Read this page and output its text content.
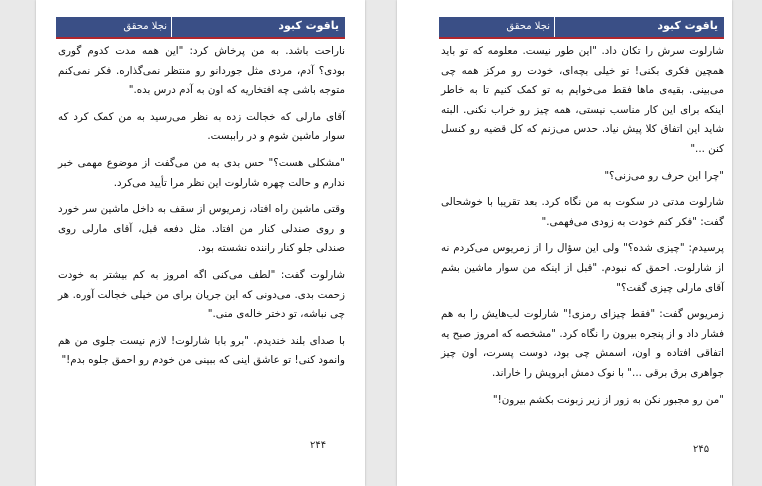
یاقوت کبود
نجلا محقق

ناراحت باشد. به من پرخاش کرد: "این همه مدت کدوم گوری بودی؟ آدم، مردی مثل جوردانو رو منتظر نمی‌گذاره. فکر نمی‌کنم متوجه باشی چه افتخاریه که اون به آدم درس بده."

آقای مارلی که خجالت زده به نظر می‌رسید به من کمک کرد که سوار ماشین شوم و در راببست.

"مشکلی هست؟" حس بدی به من می‌گفت از موضوع مهمی خبر ندارم و حالت چهره شارلوت این نظر مرا تأیید می‌کرد.

وقتی ماشین راه افتاد، زمریوس از سقف به داخل ماشین سر خورد و روی صندلی کنار من افتاد. مثل دفعه قبل، آقای مارلی روی صندلی جلو کنار راننده نشسته بود.

شارلوت گفت: "لطف می‌کنی اگه امروز به کم بیشتر به خودت زحمت بدی. می‌دونی که این جریان برای من خیلی خجالت آوره. هر چی نباشه، تو دختر خاله‌ی منی."

با صدای بلند خندیدم. "برو بابا شارلوت! لازم نیست جلوی من هم وانمود کنی! تو عاشق اینی که ببینی من خودم رو احمق جلوه بدم!"

۲۴۴
یاقوت کبود
نجلا محقق

شارلوت سرش را تکان داد. "این طور نیست. معلومه که تو باید همچین فکری بکنی! تو خیلی بچه‌ای، خودت رو مرکز همه چی می‌بینی. بقیه‌ی ماها فقط می‌خوایم به تو کمک کنیم تا به خاطر اینکه برای این کار مناسب نیستی، همه چیز رو خراب نکنی. البته شاید این اتفاق کلا پیش نیاد. حدس می‌زنم که کل قضیه رو کنسل کنن ..."

"چرا این حرف رو می‌زنی؟"

شارلوت مدتی در سکوت به من نگاه کرد. بعد تقریبا با خوشحالی گفت: "فکر کنم خودت به زودی می‌فهمی."

پرسیدم: "چیزی شده؟" ولی این سؤال را از زمریوس می‌کردم نه از شارلوت. احمق که نبودم. "قبل از اینکه من سوار ماشین بشم آقای مارلی چیزی گفت؟"

زمریوس گفت: "فقط چیزای رمزی!" شارلوت لب‌هایش را به هم فشار داد و از پنجره بیرون را نگاه کرد. "مشخصه که امروز صبح یه اتفاقی افتاده و اون، اسمش چی بود، دوست پسرت، اون چیز جواهری برق برقی ..." با نوک دمش ابرویش را خاراند.

"من رو مجبور نکن به زور از زیر زبونت بکشم بیرون!"

۲۴۵
